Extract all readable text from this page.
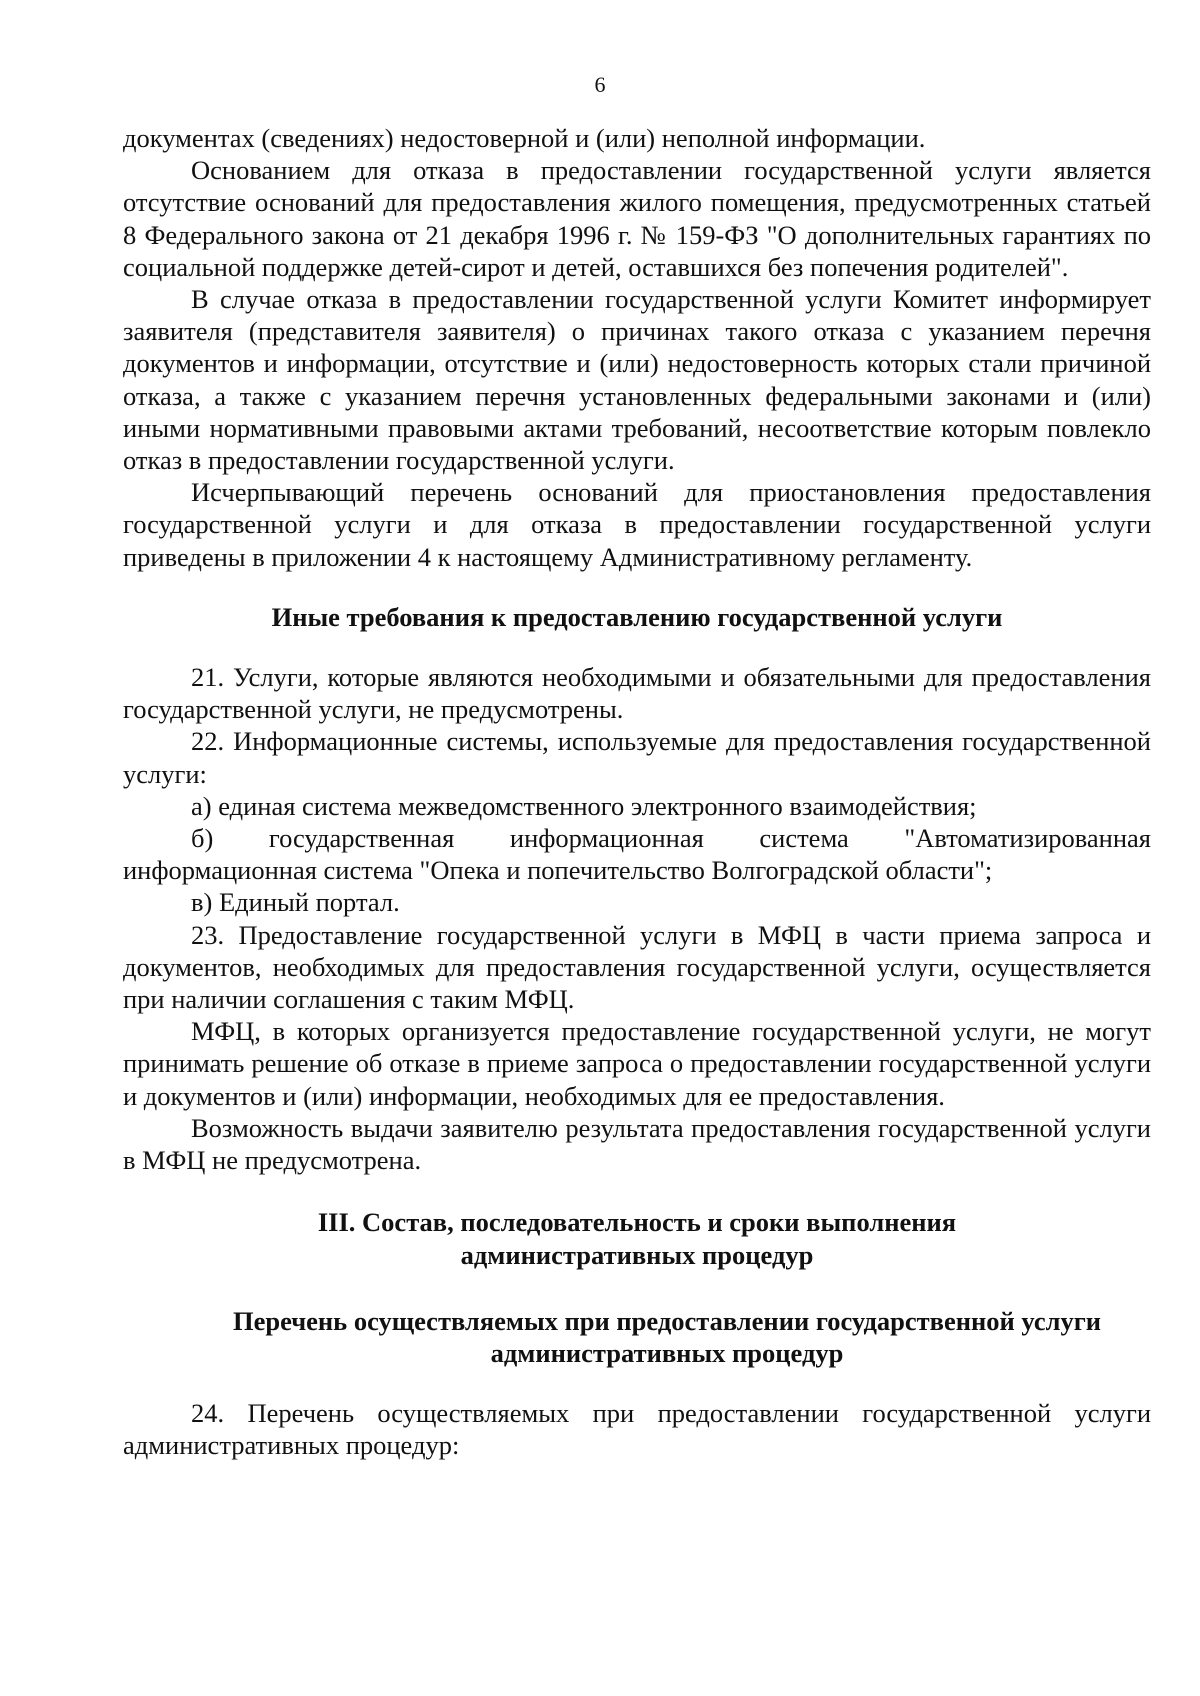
6

документах (сведениях) недостоверной и (или) неполной информации.

Основанием для отказа в предоставлении государственной услуги является отсутствие оснований для предоставления жилого помещения, предусмотренных статьей 8 Федерального закона от 21 декабря 1996 г. № 159-ФЗ "О дополнительных гарантиях по социальной поддержке детей-сирот и детей, оставшихся без попечения родителей".

В случае отказа в предоставлении государственной услуги Комитет информирует заявителя (представителя заявителя) о причинах такого отказа с указанием перечня документов и информации, отсутствие и (или) недостоверность которых стали причиной отказа, а также с указанием перечня установленных федеральными законами и (или) иными нормативными правовыми актами требований, несоответствие которым повлекло отказ в предоставлении государственной услуги.

Исчерпывающий перечень оснований для приостановления предоставления государственной услуги и для отказа в предоставлении государственной услуги приведены в приложении 4 к настоящему Административному регламенту.

Иные требования к предоставлению государственной услуги

21. Услуги, которые являются необходимыми и обязательными для предоставления государственной услуги, не предусмотрены.

22. Информационные системы, используемые для предоставления государственной услуги:

а) единая система межведомственного электронного взаимодействия;

б) государственная информационная система "Автоматизированная информационная система "Опека и попечительство Волгоградской области";

в) Единый портал.

23. Предоставление государственной услуги в МФЦ в части приема запроса и документов, необходимых для предоставления государственной услуги, осуществляется при наличии соглашения с таким МФЦ.

МФЦ, в которых организуется предоставление государственной услуги, не могут принимать решение об отказе в приеме запроса о предоставлении государственной услуги и документов и (или) информации, необходимых для ее предоставления.

Возможность выдачи заявителю результата предоставления государственной услуги в МФЦ не предусмотрена.

III. Состав, последовательность и сроки выполнения

административных процедур

Перечень осуществляемых при предоставлении государственной услуги

административных процедур

24. Перечень осуществляемых при предоставлении государственной услуги административных процедур:
